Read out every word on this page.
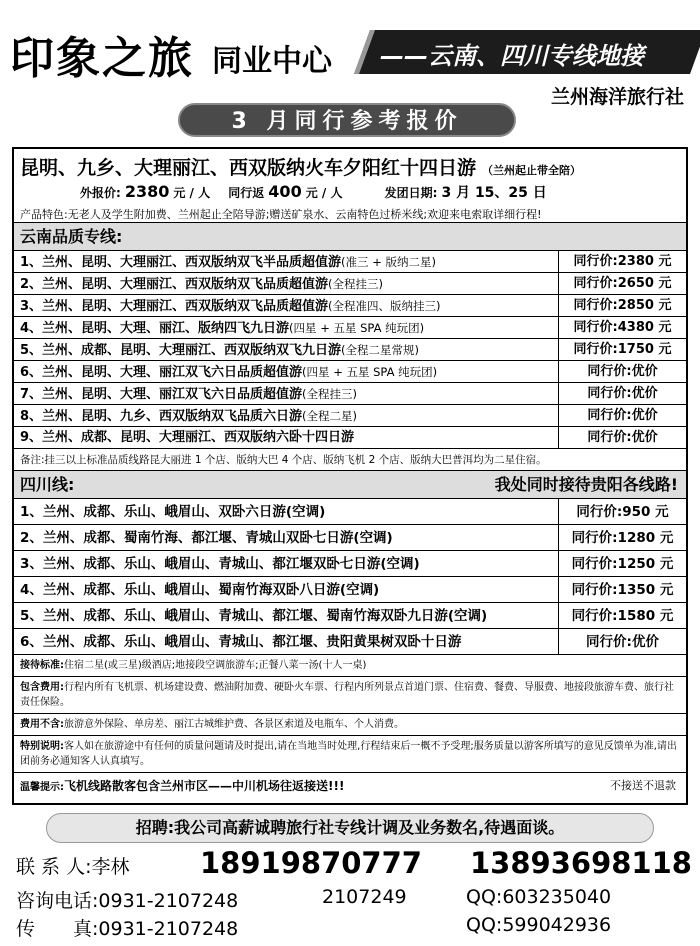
印象之旅 同业中心 ——云南、四川专线地接
兰州海洋旅行社
3 月同行参考报价
昆明、九乡、大理丽江、西双版纳火车夕阳红十四日游 （兰州起止带全陪）
外报价: 2380 元 / 人 同行返 400 元 / 人	发团日期: 3 月 15、25 日
产品特色:无老人及学生附加费、兰州起止全陪导游;赠送矿泉水、云南特色过桥米线;欢迎来电索取详细行程!
云南品质专线:
1、兰州、昆明、大理丽江、西双版纳双飞半品质超值游(准三 + 版纳二星)	同行价:2380 元
2、兰州、昆明、大理丽江、西双版纳双飞品质超值游(全程挂三)	同行价:2650 元
3、兰州、昆明、大理丽江、西双版纳双飞品质超值游(全程准四、版纳挂三)	同行价:2850 元
4、兰州、昆明、大理、丽江、版纳四飞九日游(四星 + 五星 SPA 纯玩团)	同行价:4380 元
5、兰州、成都、昆明、大理丽江、西双版纳双飞九日游(全程二星常规)	同行价:1750 元
6、兰州、昆明、大理、丽江双飞六日品质超值游(四星 + 五星 SPA 纯玩团)	同行价:优价
7、兰州、昆明、大理、丽江双飞六日品质超值游(全程挂三)	同行价:优价
8、兰州、昆明、九乡、西双版纳双飞品质六日游(全程二星)	同行价:优价
9、兰州、成都、昆明、大理丽江、西双版纳六卧十四日游	同行价:优价
备注:挂三以上标准品质线路昆大丽进 1 个店、版纳大巴 4 个店、版纳飞机 2 个店、版纳大巴普洱均为二星住宿。
四川线:	我处同时接待贵阳各线路!
1、兰州、成都、乐山、峨眉山、双卧六日游(空调)	同行价:950 元
2、兰州、成都、蜀南竹海、都江堰、青城山双卧七日游(空调)	同行价:1280 元
3、兰州、成都、乐山、峨眉山、青城山、都江堰双卧七日游(空调)	同行价:1250 元
4、兰州、成都、乐山、峨眉山、蜀南竹海双卧八日游(空调)	同行价:1350 元
5、兰州、成都、乐山、峨眉山、青城山、都江堰、蜀南竹海双卧九日游(空调)	同行价:1580 元
6、兰州、成都、乐山、峨眉山、青城山、都江堰、贵阳黄果树双卧十日游	同行价:优价
接待标准:住宿二星(或三星)级酒店;地接段空调旅游车;正餐八菜一汤(十人一桌)
包含费用:行程内所有飞机票、机场建设费、燃油附加费、硬卧火车票、行程内所列景点首道门票、住宿费、餐费、导服费、地接段旅游车费、旅行社责任保险。
费用不含:旅游意外保险、单房差、丽江古城维护费、各景区索道及电瓶车、个人消费。
特别说明:客人如在旅游途中有任何的质量问题请及时提出,请在当地当时处理,行程结束后一概不予受理;服务质量以游客所填写的意见反馈单为准,请出团前务必通知客人认真填写。
温馨提示:飞机线路散客包含兰州市区——中川机场往返接送!!!	不接送不退款
招聘:我公司高薪诚聘旅行社专线计调及业务数名,待遇面谈。
联 系 人:李林 18919870777 13893698118
咨询电话:0931-2107248	2107249	QQ:603235040
传　　真:0931-2107248	QQ:599042936
